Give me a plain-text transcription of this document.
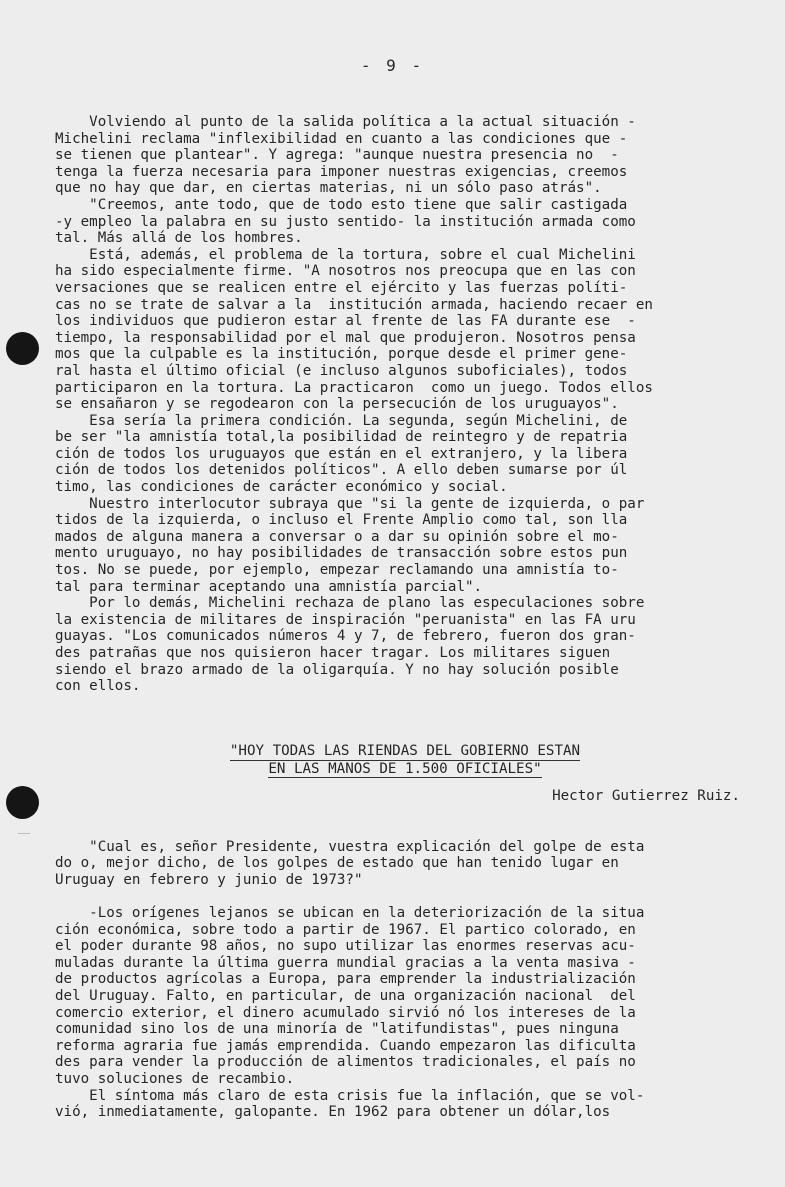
- 9 -
Volviendo al punto de la salida política a la actual situación -
Michelini reclama "inflexibilidad en cuanto a las condiciones que -
se tienen que plantear". Y agrega: "aunque nuestra presencia no  -
tenga la fuerza necesaria para imponer nuestras exigencias, creemos
que no hay que dar, en ciertas materias, ni un sólo paso atrás".
"Creemos, ante todo, que de todo esto tiene que salir castigada
-y empleo la palabra en su justo sentido- la institución armada como
tal. Más allá de los hombres.
Está, además, el problema de la tortura, sobre el cual Michelini
ha sido especialmente firme. "A nosotros nos preocupa que en las con
versaciones que se realicen entre el ejército y las fuerzas políti-
cas no se trate de salvar a la  institución armada, haciendo recaer en
los individuos que pudieron estar al frente de las FA durante ese  -
tiempo, la responsabilidad por el mal que produjeron. Nosotros pensa
mos que la culpable es la institución, porque desde el primer gene-
ral hasta el último oficial (e incluso algunos suboficiales), todos
participaron en la tortura. La practicaron  como un juego. Todos ellos
se ensañaron y se regodearon con la persecución de los uruguayos".
Esa sería la primera condición. La segunda, según Michelini, de
be ser "la amnistía total,la posibilidad de reintegro y de repatria
ción de todos los uruguayos que están en el extranjero, y la libera
ción de todos los detenidos políticos". A ello deben sumarse por úl
timo, las condiciones de carácter económico y social.
Nuestro interlocutor subraya que "si la gente de izquierda, o par
tidos de la izquierda, o incluso el Frente Amplio como tal, son lla
mados de alguna manera a conversar o a dar su opinión sobre el mo-
mento uruguayo, no hay posibilidades de transacción sobre estos pun
tos. No se puede, por ejemplo, empezar reclamando una amnistía to-
tal para terminar aceptando una amnistía parcial".
Por lo demás, Michelini rechaza de plano las especulaciones sobre
la existencia de militares de inspiración "peruanista" en las FA uru
guayas. "Los comunicados números 4 y 7, de febrero, fueron dos gran-
des patrañas que nos quisieron hacer tragar. Los militares siguen
siendo el brazo armado de la oligarquía. Y no hay solución posible
con ellos.
"HOY TODAS LAS RIENDAS DEL GOBIERNO ESTAN
EN LAS MANOS DE 1.500 OFICIALES"
Hector Gutierrez Ruiz.
"Cual es, señor Presidente, vuestra explicación del golpe de esta
do o, mejor dicho, de los golpes de estado que han tenido lugar en
Uruguay en febrero y junio de 1973?"
-Los orígenes lejanos se ubican en la deteriorización de la situa
ción económica, sobre todo a partir de 1967. El partico colorado, en
el poder durante 98 años, no supo utilizar las enormes reservas acu-
muladas durante la última guerra mundial gracias a la venta masiva -
de productos agrícolas a Europa, para emprender la industrialización
del Uruguay. Falto, en particular, de una organización nacional  del
comercio exterior, el dinero acumulado sirvió nó los intereses de la
comunidad sino los de una minoría de "latifundistas", pues ninguna
reforma agraria fue jamás emprendida. Cuando empezaron las dificulta
des para vender la producción de alimentos tradicionales, el país no
tuvo soluciones de recambio.
El síntoma más claro de esta crisis fue la inflación, que se vol-
vió, inmediatamente, galopante. En 1962 para obtener un dólar,los
